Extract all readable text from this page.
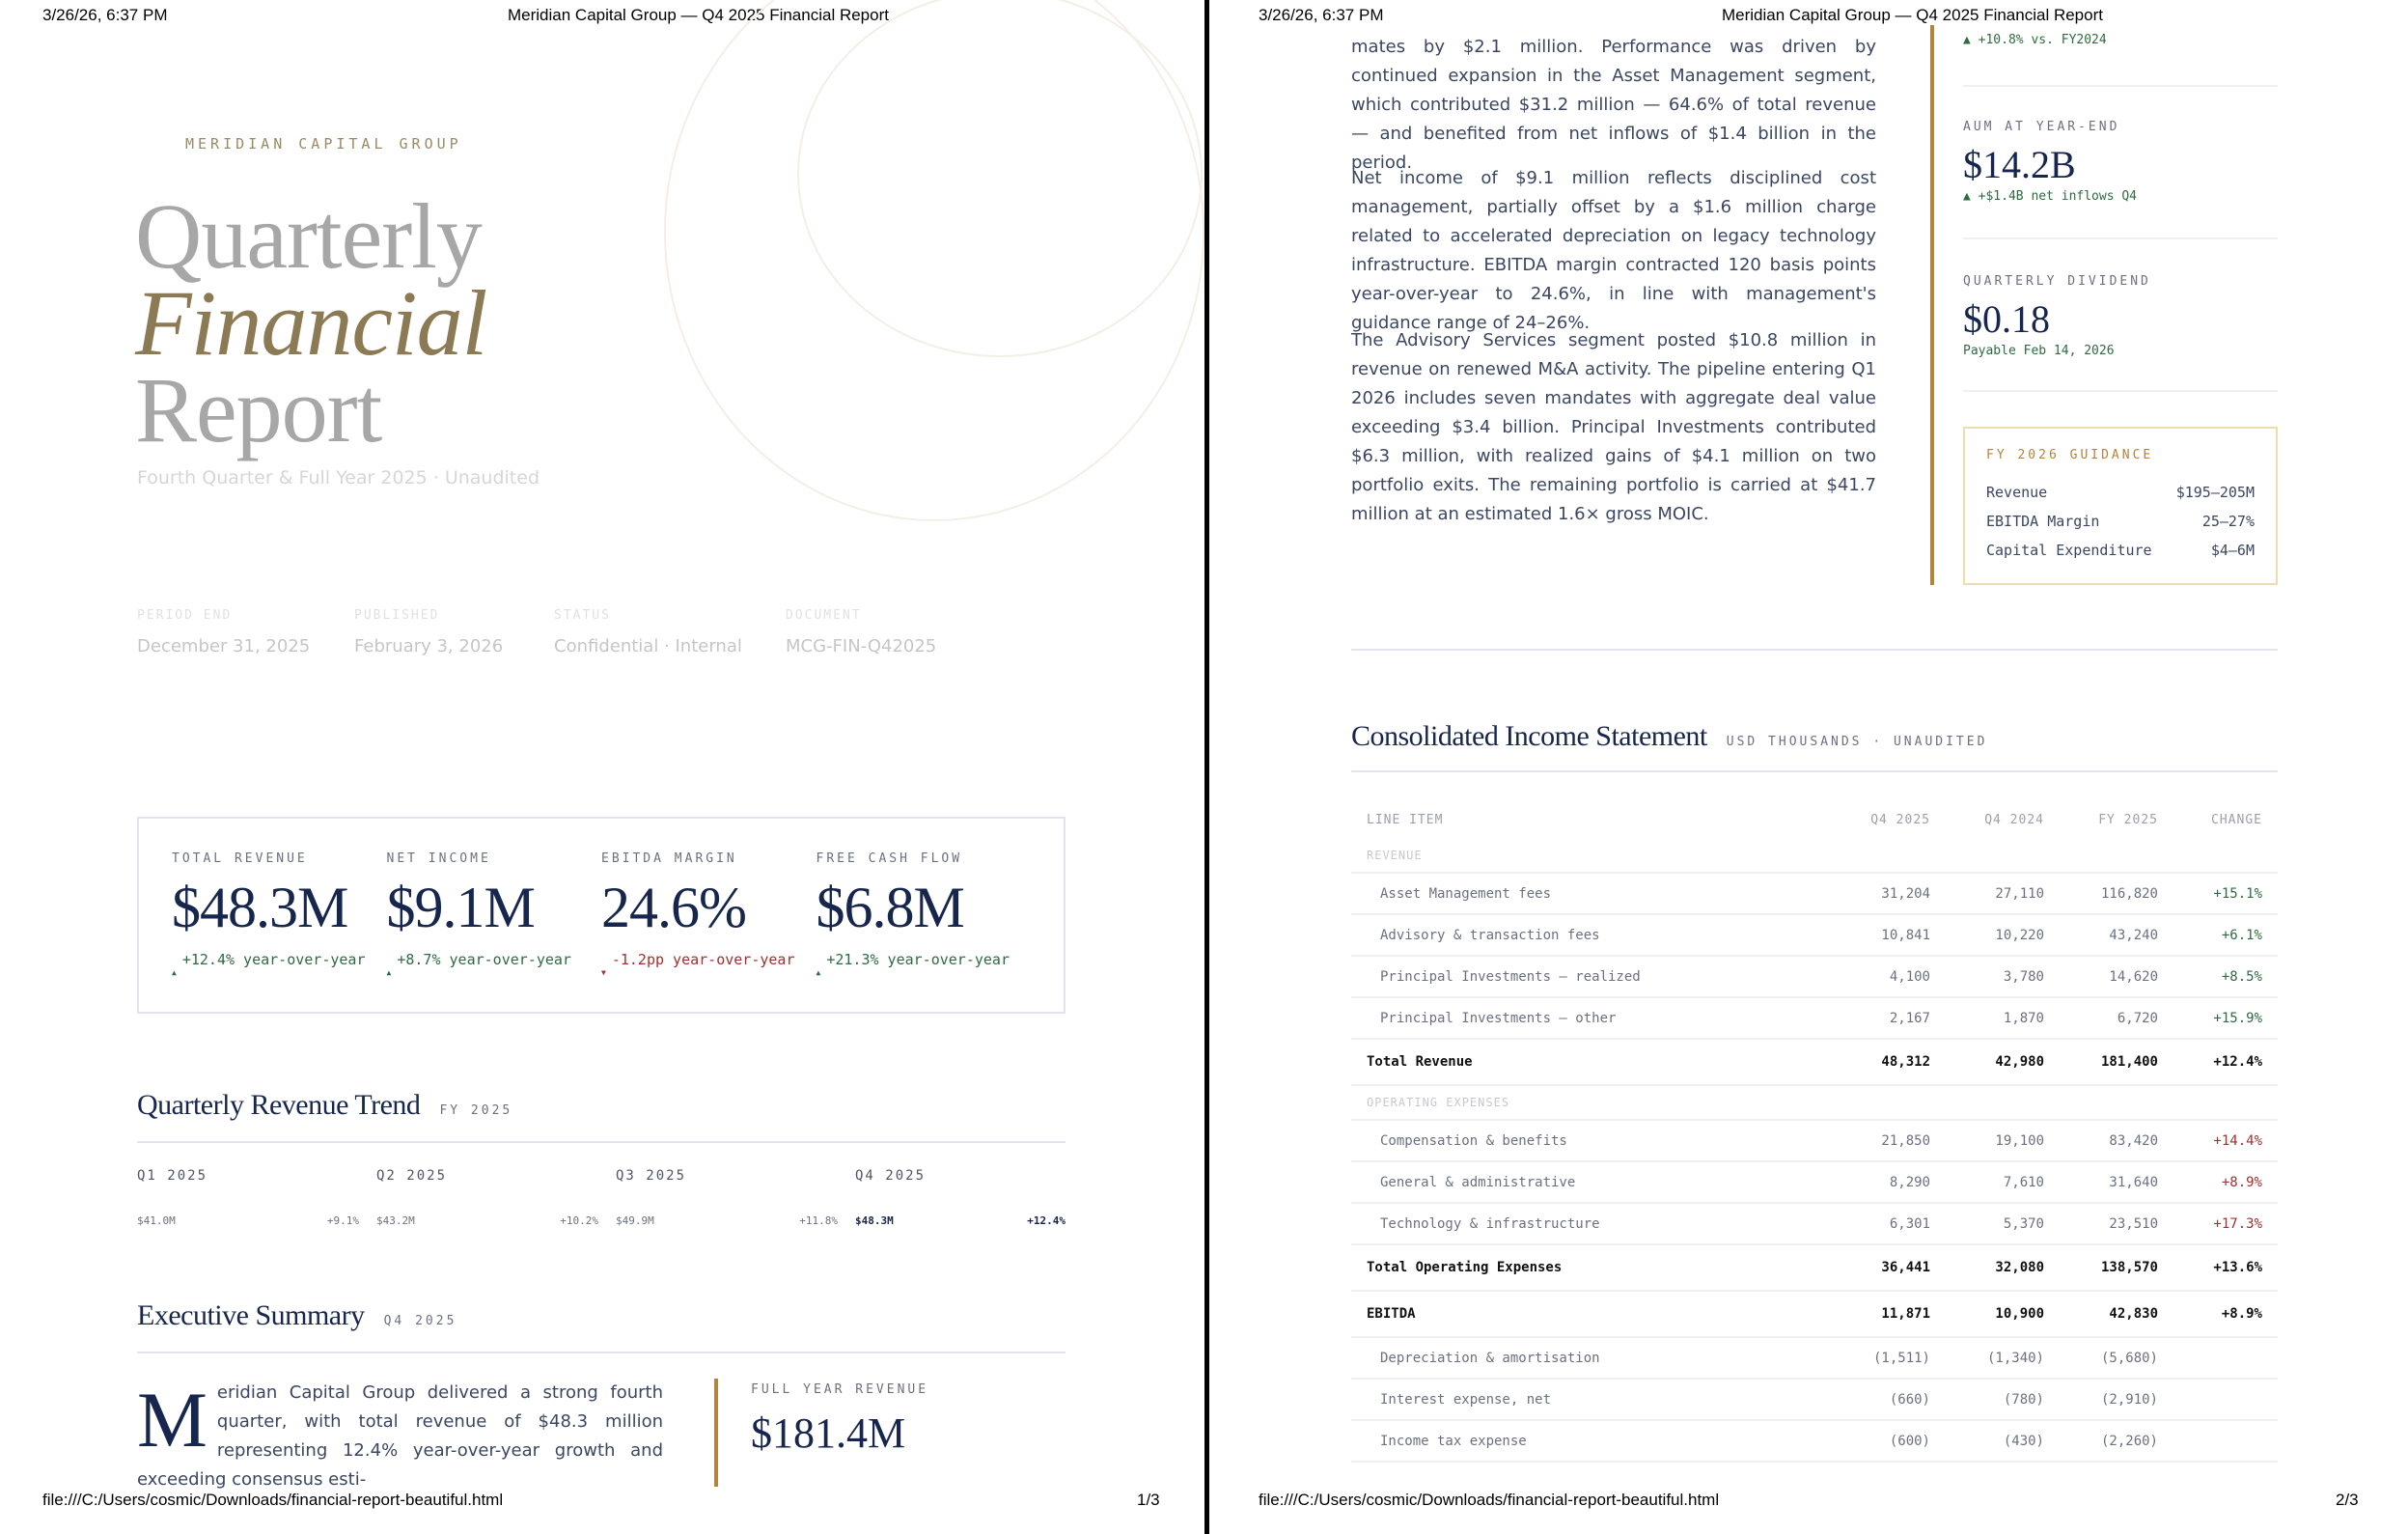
3/26/26, 6:37 PM	Meridian Capital Group — Q4 2025 Financial Report
MERIDIAN CAPITAL GROUP
Quarterly
Financial
Report
Fourth Quarter & Full Year 2025 · Unaudited
PERIOD END
December 31, 2025
PUBLISHED
February 3, 2026
STATUS
Confidential · Internal
DOCUMENT
MCG-FIN-Q42025
TOTAL REVENUE
$48.3M
▲
+12.4% year-over-year
NET INCOME
$9.1M
▲
+8.7% year-over-year
EBITDA MARGIN
24.6%
▼
-1.2pp year-over-year
FREE CASH FLOW
$6.8M
▲
+21.3% year-over-year
Quarterly Revenue Trend FY 2025
Q1 2025
$41.0M	+9.1%
Q2 2025
$43.2M	+10.2%
Q3 2025
$49.9M	+11.8%
Q4 2025
$48.3M	+12.4%
Executive Summary Q4 2025
M eridian Capital Group delivered a strong fourth quarter, with total revenue of $48.3 million representing 12.4% year-over-year growth and exceeding consensus esti-
FULL YEAR REVENUE
$181.4M
file:///C:/Users/cosmic/Downloads/financial-report-beautiful.html	1/3
3/26/26, 6:37 PM	Meridian Capital Group — Q4 2025 Financial Report
mates by $2.1 million. Performance was driven by continued expansion in the Asset Management segment, which contributed $31.2 million — 64.6% of total revenue — and benefited from net inflows of $1.4 billion in the period.
Net income of $9.1 million reflects disciplined cost management, partially offset by a $1.6 million charge related to accelerated depreciation on legacy technology infrastructure. EBITDA margin contracted 120 basis points year-over-year to 24.6%, in line with management's guidance range of 24–26%.
The Advisory Services segment posted $10.8 million in revenue on renewed M&A activity. The pipeline entering Q1 2026 includes seven mandates with aggregate deal value exceeding $3.4 billion. Principal Investments contributed $6.3 million, with realized gains of $4.1 million on two portfolio exits. The remaining portfolio is carried at $41.7 million at an estimated 1.6× gross MOIC.
▲ +10.8% vs. FY2024
AUM AT YEAR-END
$14.2B
▲ +$1.4B net inflows Q4
QUARTERLY DIVIDEND
$0.18
Payable Feb 14, 2026
FY 2026 GUIDANCE
Revenue	$195–205M
EBITDA Margin	25–27%
Capital Expenditure	$4–6M
Consolidated Income Statement USD THOUSANDS · UNAUDITED
LINE ITEM	Q4 2025	Q4 2024	FY 2025	CHANGE
REVENUE				
Asset Management fees	31,204	27,110	116,820	+15.1%
Advisory & transaction fees	10,841	10,220	43,240	+6.1%
Principal Investments — realized	4,100	3,780	14,620	+8.5%
Principal Investments — other	2,167	1,870	6,720	+15.9%
Total Revenue	48,312	42,980	181,400	+12.4%
OPERATING EXPENSES				
Compensation & benefits	21,850	19,100	83,420	+14.4%
General & administrative	8,290	7,610	31,640	+8.9%
Technology & infrastructure	6,301	5,370	23,510	+17.3%
Total Operating Expenses	36,441	32,080	138,570	+13.6%
EBITDA	11,871	10,900	42,830	+8.9%
Depreciation & amortisation	(1,511)	(1,340)	(5,680)	
Interest expense, net	(660)	(780)	(2,910)	
Income tax expense	(600)	(430)	(2,260)	
file:///C:/Users/cosmic/Downloads/financial-report-beautiful.html	2/3
